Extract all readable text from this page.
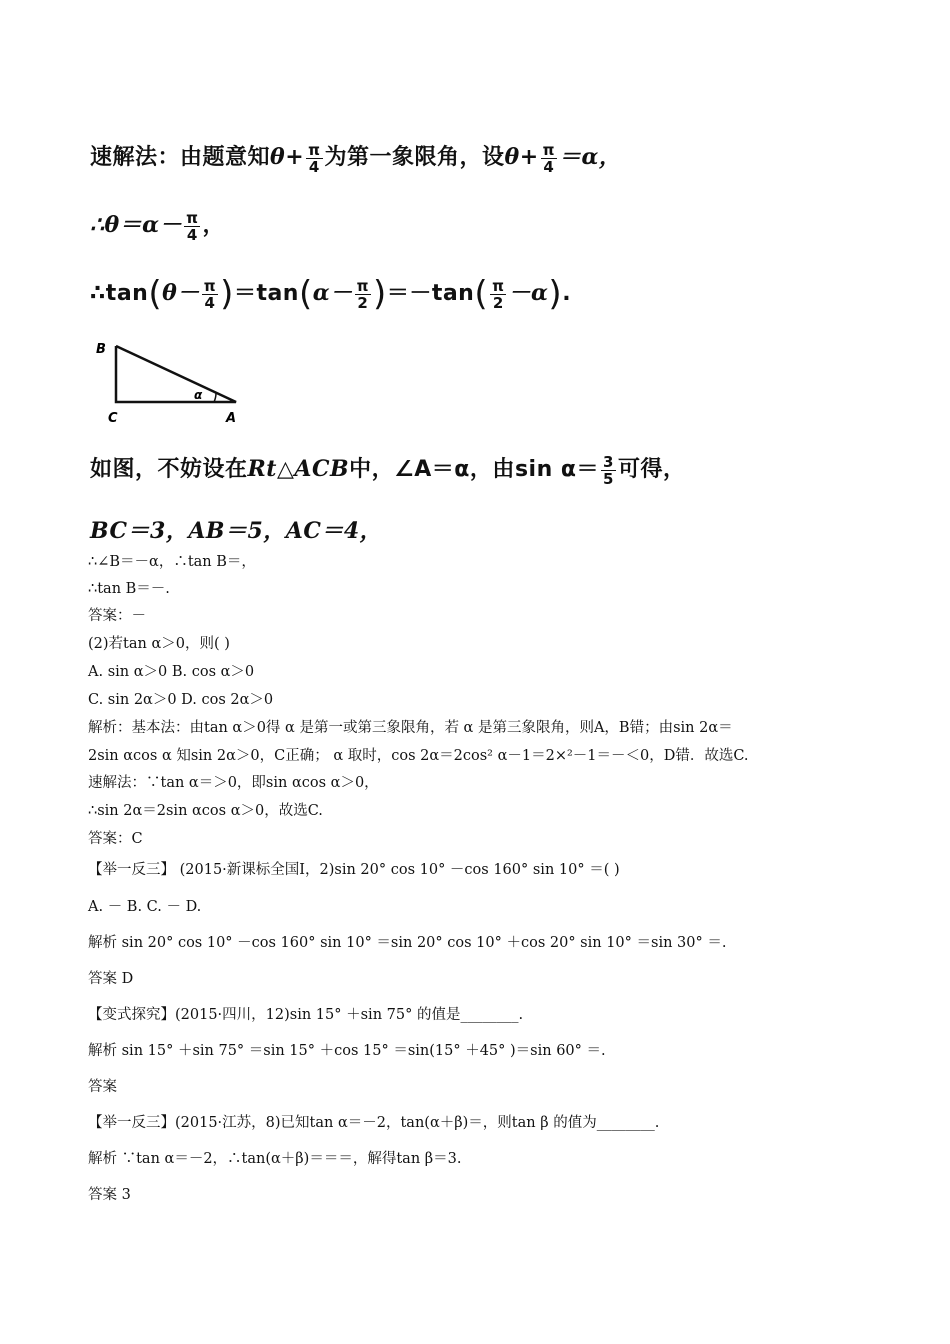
速解法：由题意知$\theta+ \frac{\pi}{4}$ 为第一象限角，设$\theta+ \frac{\pi}{4} =\alpha$，
∴θ＝α－ $\frac{\pi}{4}$ ，
∴tan(θ－ $\frac{\pi}{4} )=\tan(\alpha- \frac{\pi}{2} )=-\tan( \frac{\pi}{2} -\alpha)$.
B
C	A
α
如图，不妨设在Rt△ACB中，∠A＝α，由$\sin \alpha= \frac{3}{5}$ 可得，
BC＝3，AB＝5，AC＝4，
∴∠B＝－α，∴tan B＝，
∴tan B＝－.
答案：－
(2)若tan α＞0，则( )
A. sin α＞0 B. cos α＞0
C. sin 2α＞0 D. cos 2α＞0
解析：基本法：由tan α＞0得 α 是第一或第三象限角，若 α 是第三象限角，则A，B错；由sin 2α＝
2sin αcos α 知sin 2α＞0，C正确； α 取时，cos 2α＝2cos² α－1＝2×²－1＝－＜0，D错．故选C.
速解法：∵tan α＝＞0，即sin αcos α＞0，
∴sin 2α＝2sin αcos α＞0，故选C.
答案：C
【举一反三】 (2015·新课标全国Ⅰ，2)sin 20° cos 10° －cos 160° sin 10° ＝( )
A. － B. C. － D.
解析 sin 20° cos 10° －cos 160° sin 10° ＝sin 20° cos 10° ＋cos 20° sin 10° ＝sin 30° ＝.
答案 D
【变式探究】(2015·四川，12)sin 15° ＋sin 75° 的值是________.
解析 sin 15° ＋sin 75° ＝sin 15° ＋cos 15° ＝sin(15° ＋45° )＝sin 60° ＝.
答案
【举一反三】(2015·江苏，8)已知tan α＝－2，tan(α＋β)＝，则tan β 的值为________.
解析 ∵tan α＝－2，∴tan(α＋β)＝＝＝，解得tan β＝3.
答案 3
